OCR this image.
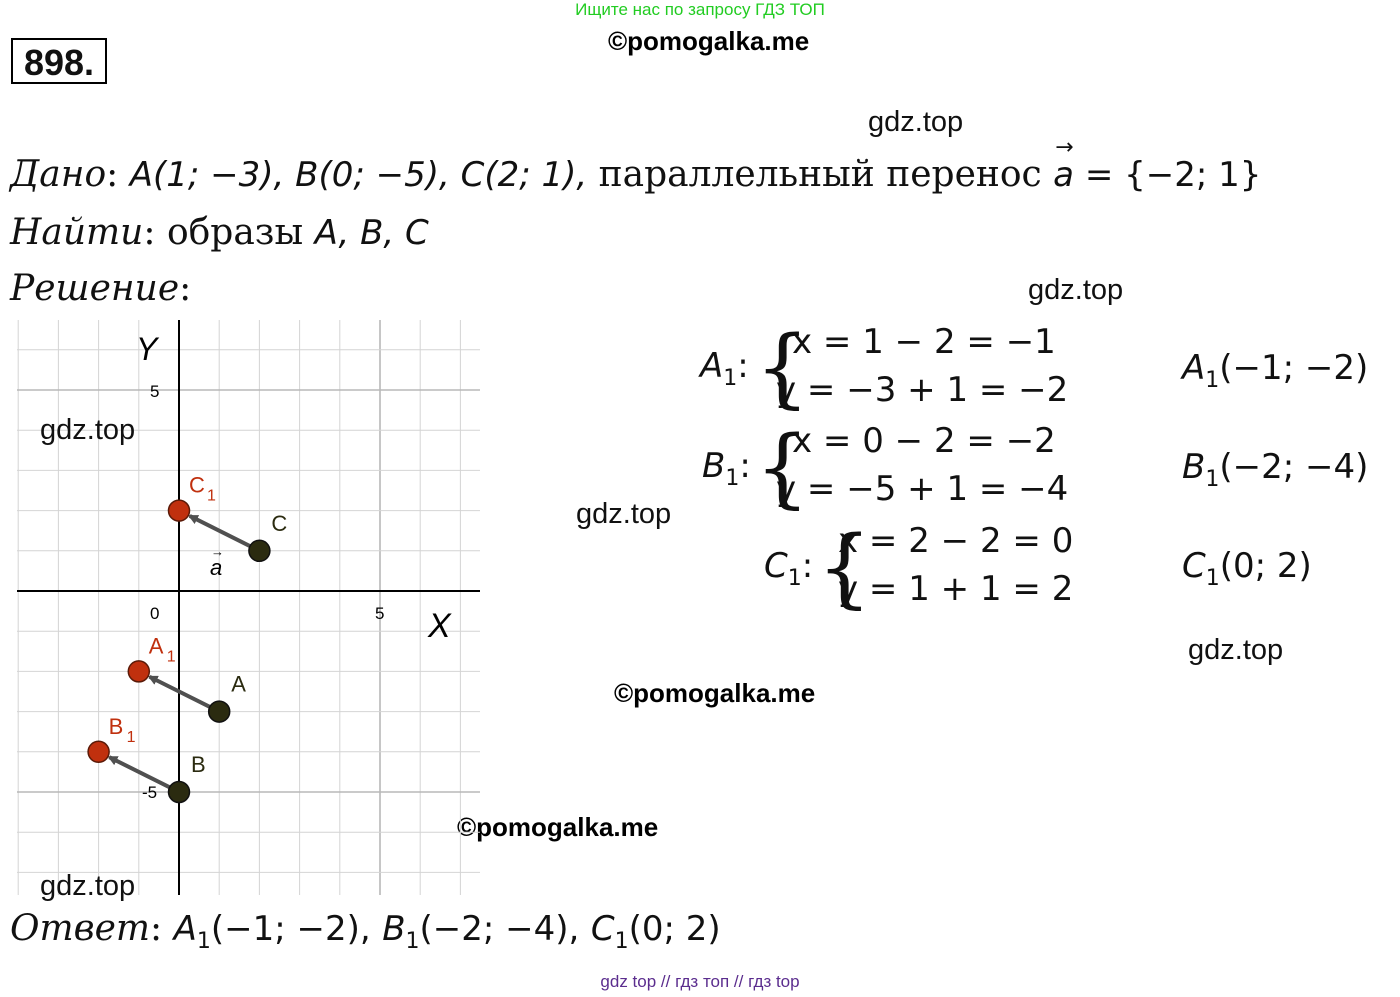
Ищите нас по запросу ГДЗ ТОП
©pomogalka.me
898.
gdz.top
gdz.top
gdz.top
gdz.top
©pomogalka.me
©pomogalka.me
Дано: A(1; −3), B(0; −5), C(2; 1), параллельный перенос
→
a = {−2; 1}
Найти: образы A, B, C
Решение:
$A_1$: {
x = 1 − 2 = −1
y = −3 + 1 = −2
$A_1(-1$; −2)
$B_1$: {
x = 0 − 2 = −2
y = −5 + 1 = −4
$B_1(-2$; −4)
$C_1$: {
x = 2 − 2 = 0
y = 1 + 1 = 2
$C_1(0$; 2)
X
Y
5
0	5
-5
A
B
C
A 1
B 1
C 1
a
→
Ответ: $A_1(-1$; −2), $B_1(-2$; −4), $C_1(0$; 2)
gdz.top
gdz.top
gdz top // гдз топ // гдз top
